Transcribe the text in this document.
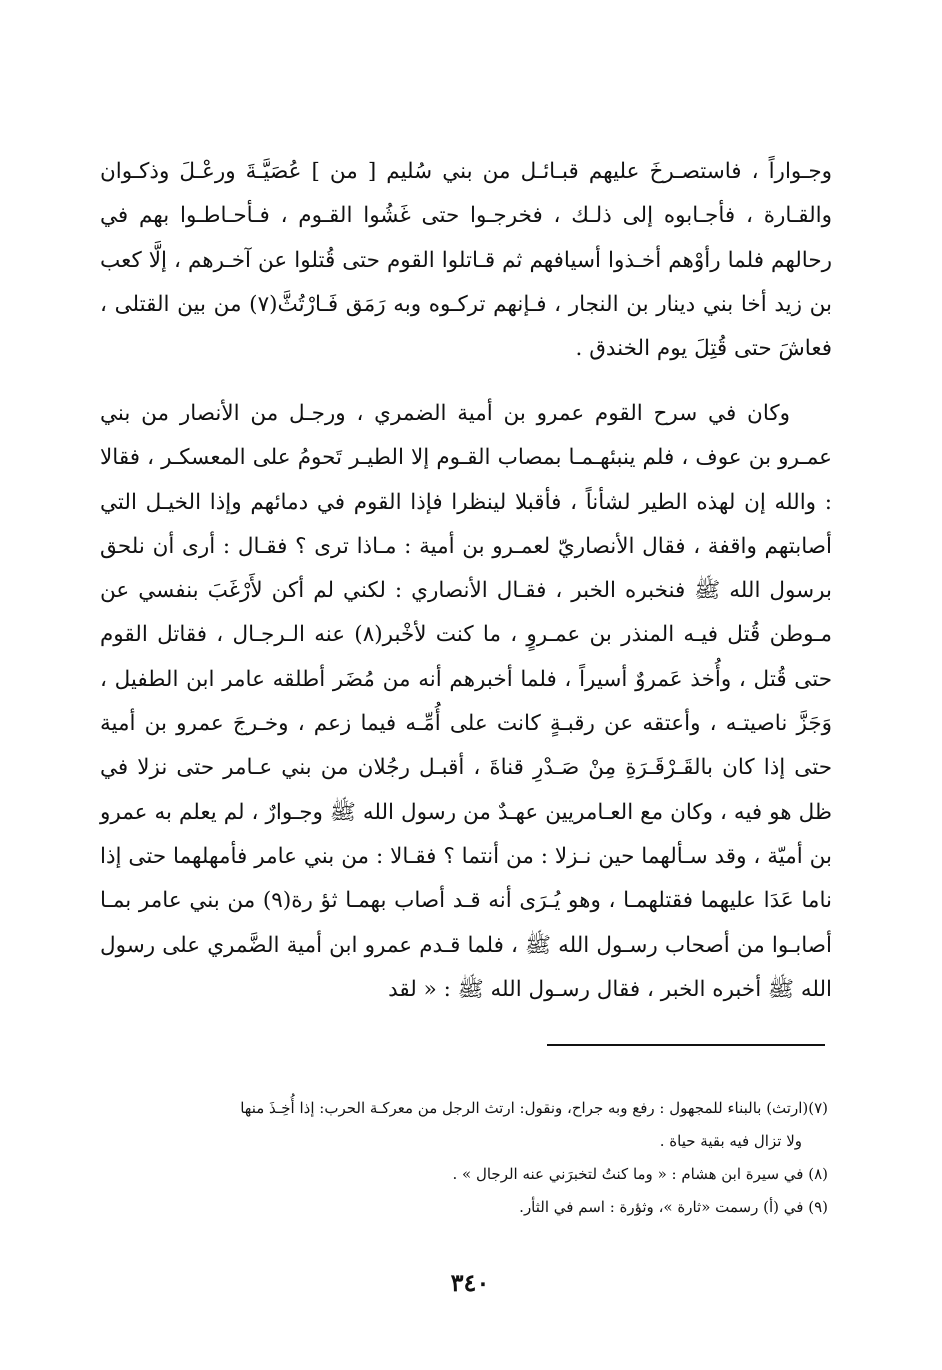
وجـواراً ، فاستصـرخَ عليهم قبـائـل من بني سُليم [ من ] عُصَيَّـةَ ورعْـلَ وذكـوان والقـارة ، فأجـابوه إلى ذلـك ، فخرجـوا حتى غَشُوا القـوم ، فـأحـاطـوا بهم في رحالهم فلما رأوْهم أخـذوا أسيافهم ثم قـاتلوا القوم حتى قُتلوا عن آخـرهم ، إلَّا كعب بن زيد أخا بني دينار بن النجار ، فـإنهم تركـوه وبه رَمَق فَـارْتُثَّ(٧) من بين القتلى ، فعاشَ حتى قُتِلَ يوم الخندق .

وكان في سرح القوم عمرو بن أمية الضمري ، ورجـل من الأنصار من بني عمـرو بن عوف ، فلم ينبئهـمـا بمصاب القـوم إلا الطيـر تَحومُ على المعسكـر ، فقالا : والله إن لهذه الطير لشأناً ، فأقبلا لينظرا فإذا القوم في دمائهم وإذا الخيـل التي أصابتهم واقفة ، فقال الأنصاريّ لعمـرو بن أمية : مـاذا ترى ؟ فقـال : أرى أن نلحق برسول الله ﷺ فنخبره الخبر ، فقـال الأنصاري : لكني لم أكن لأَرْغَبَ بنفسي عن مـوطن قُتل فيـه المنذر بن عمـروٍ ، ما كنت لأخْبر(٨) عنه الـرجـال ، فقاتل القوم حتى قُتل ، وأُخذ عَمروٌ أسيراً ، فلما أخبرهم أنه من مُضَر أطلقه عامر ابن الطفيل ، وَجَزَّ ناصيتـه ، وأعتقه عن رقبـةٍ كانت على أُمِّـه فيما زعم ، وخـرجَ عمرو بن أمية حتى إذا كان بالقَـرْقَـرَةِ مِنْ صَـدْرِ قناةَ ، أقبـل رجُلان من بني عـامر حتى نزلا في ظل هو فيه ، وكان مع العـامريين عهـدٌ من رسول الله ﷺ وجـوارٌ ، لم يعلم به عمرو بن أميّة ، وقد سـألهما حين نـزلا : من أنتما ؟ فقـالا : من بني عامر فأمهلهما حتى إذا ناما عَدَا عليهما فقتلهمـا ، وهو يُـرَى أنه قـد أصاب بهمـا ثؤ رة(٩) من بني عامر بمـا أصابـوا من أصحاب رسـول الله ﷺ ، فلما قـدم عمرو ابن أمية الضَّمري على رسول الله ﷺ أخبره الخبر ، فقال رسـول الله ﷺ : « لقد

(٧)(ارتث) بالبناء للمجهول : رفع وبه جراح، ونقول: ارتث الرجل من معركـة الحرب: إذا أُخِـذَ منها

ولا تزال فيه بقية حياة .

(٨) في سيرة ابن هشام : « وما كنتُ لتخبرَني عنه الرجال » .

(٩) في (أ) رسمت «ثارة »، وثؤرة : اسم في الثأر.

٣٤٠
